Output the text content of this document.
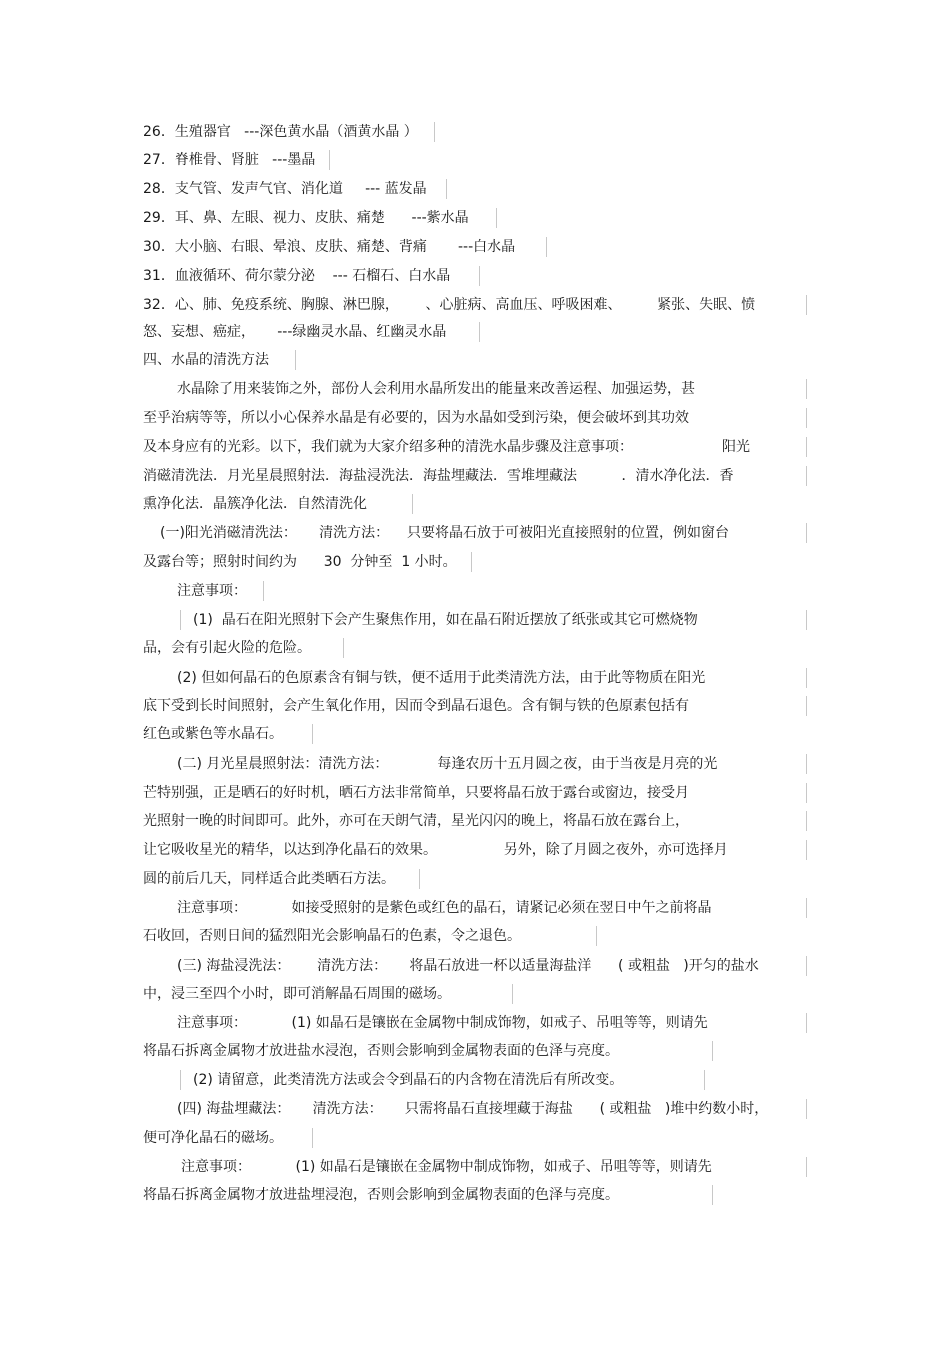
26．生殖器官   ---深色黄水晶（酒黄水晶 ）
27．脊椎骨、肾脏   ---墨晶
28．支气管、发声气官、消化道     --- 蓝发晶
29．耳、鼻、左眼、视力、皮肤、痛楚      ---紫水晶
30．大小脑、右眼、晕浪、皮肤、痛楚、背痛       ---白水晶
31．血液循环、荷尔蒙分泌    --- 石榴石、白水晶
32．心、肺、免疫系统、胸腺、淋巴腺，      、心脏病、高血压、呼吸困难、        紧张、失眠、愤
怒、妄想、癌症，     ---绿幽灵水晶、红幽灵水晶
四、水晶的清洗方法
水晶除了用来装饰之外，部份人会利用水晶所发出的能量来改善运程、加强运势，甚
至乎治病等等，所以小心保养水晶是有必要的，因为水晶如受到污染，便会破坏到其功效
及本身应有的光彩。以下，我们就为大家介绍多种的清洗水晶步骤及注意事项：                    阳光
消磁清洗法．月光星晨照射法．海盐浸洗法．海盐埋藏法．雪堆埋藏法          ．清水净化法．香
熏净化法．晶簇净化法．自然清洗化
(一)阳光消磁清洗法：     清洗方法：    只要将晶石放于可被阳光直接照射的位置，例如窗台
及露台等；照射时间约为      30  分钟至  1 小时。
注意事项：
(1)  晶石在阳光照射下会产生聚焦作用，如在晶石附近摆放了纸张或其它可燃烧物
品，会有引起火险的危险。
(2) 但如何晶石的色原素含有铜与铁，便不适用于此类清洗方法，由于此等物质在阳光
底下受到长时间照射，会产生氧化作用，因而令到晶石退色。含有铜与铁的色原素包括有
红色或紫色等水晶石。
(二) 月光星晨照射法：清洗方法：           每逢农历十五月圆之夜，由于当夜是月亮的光
芒特别强，正是晒石的好时机，晒石方法非常简单，只要将晶石放于露台或窗边，接受月
光照射一晚的时间即可。此外，亦可在天朗气清，星光闪闪的晚上，将晶石放在露台上，
让它吸收星光的精华，以达到净化晶石的效果。               另外，除了月圆之夜外，亦可选择月
圆的前后几天，同样适合此类晒石方法。
注意事项：          如接受照射的是紫色或红色的晶石，请紧记必须在翌日中午之前将晶
石收回，否则日间的猛烈阳光会影响晶石的色素，令之退色。
(三) 海盐浸洗法：      清洗方法：     将晶石放进一杯以适量海盐洋      ( 或粗盐   )开匀的盐水
中，浸三至四个小时，即可消解晶石周围的磁场。
注意事项：          (1) 如晶石是镶嵌在金属物中制成饰物，如戒子、吊咀等等，则请先
将晶石拆离金属物才放进盐水浸泡，否则会影响到金属物表面的色泽与亮度。
(2) 请留意，此类清洗方法或会令到晶石的内含物在清洗后有所改变。
(四) 海盐埋藏法：     清洗方法：     只需将晶石直接埋藏于海盐      ( 或粗盐   )堆中约数小时，
便可净化晶石的磁场。
注意事项：          (1) 如晶石是镶嵌在金属物中制成饰物，如戒子、吊咀等等，则请先
将晶石拆离金属物才放进盐埋浸泡，否则会影响到金属物表面的色泽与亮度。
